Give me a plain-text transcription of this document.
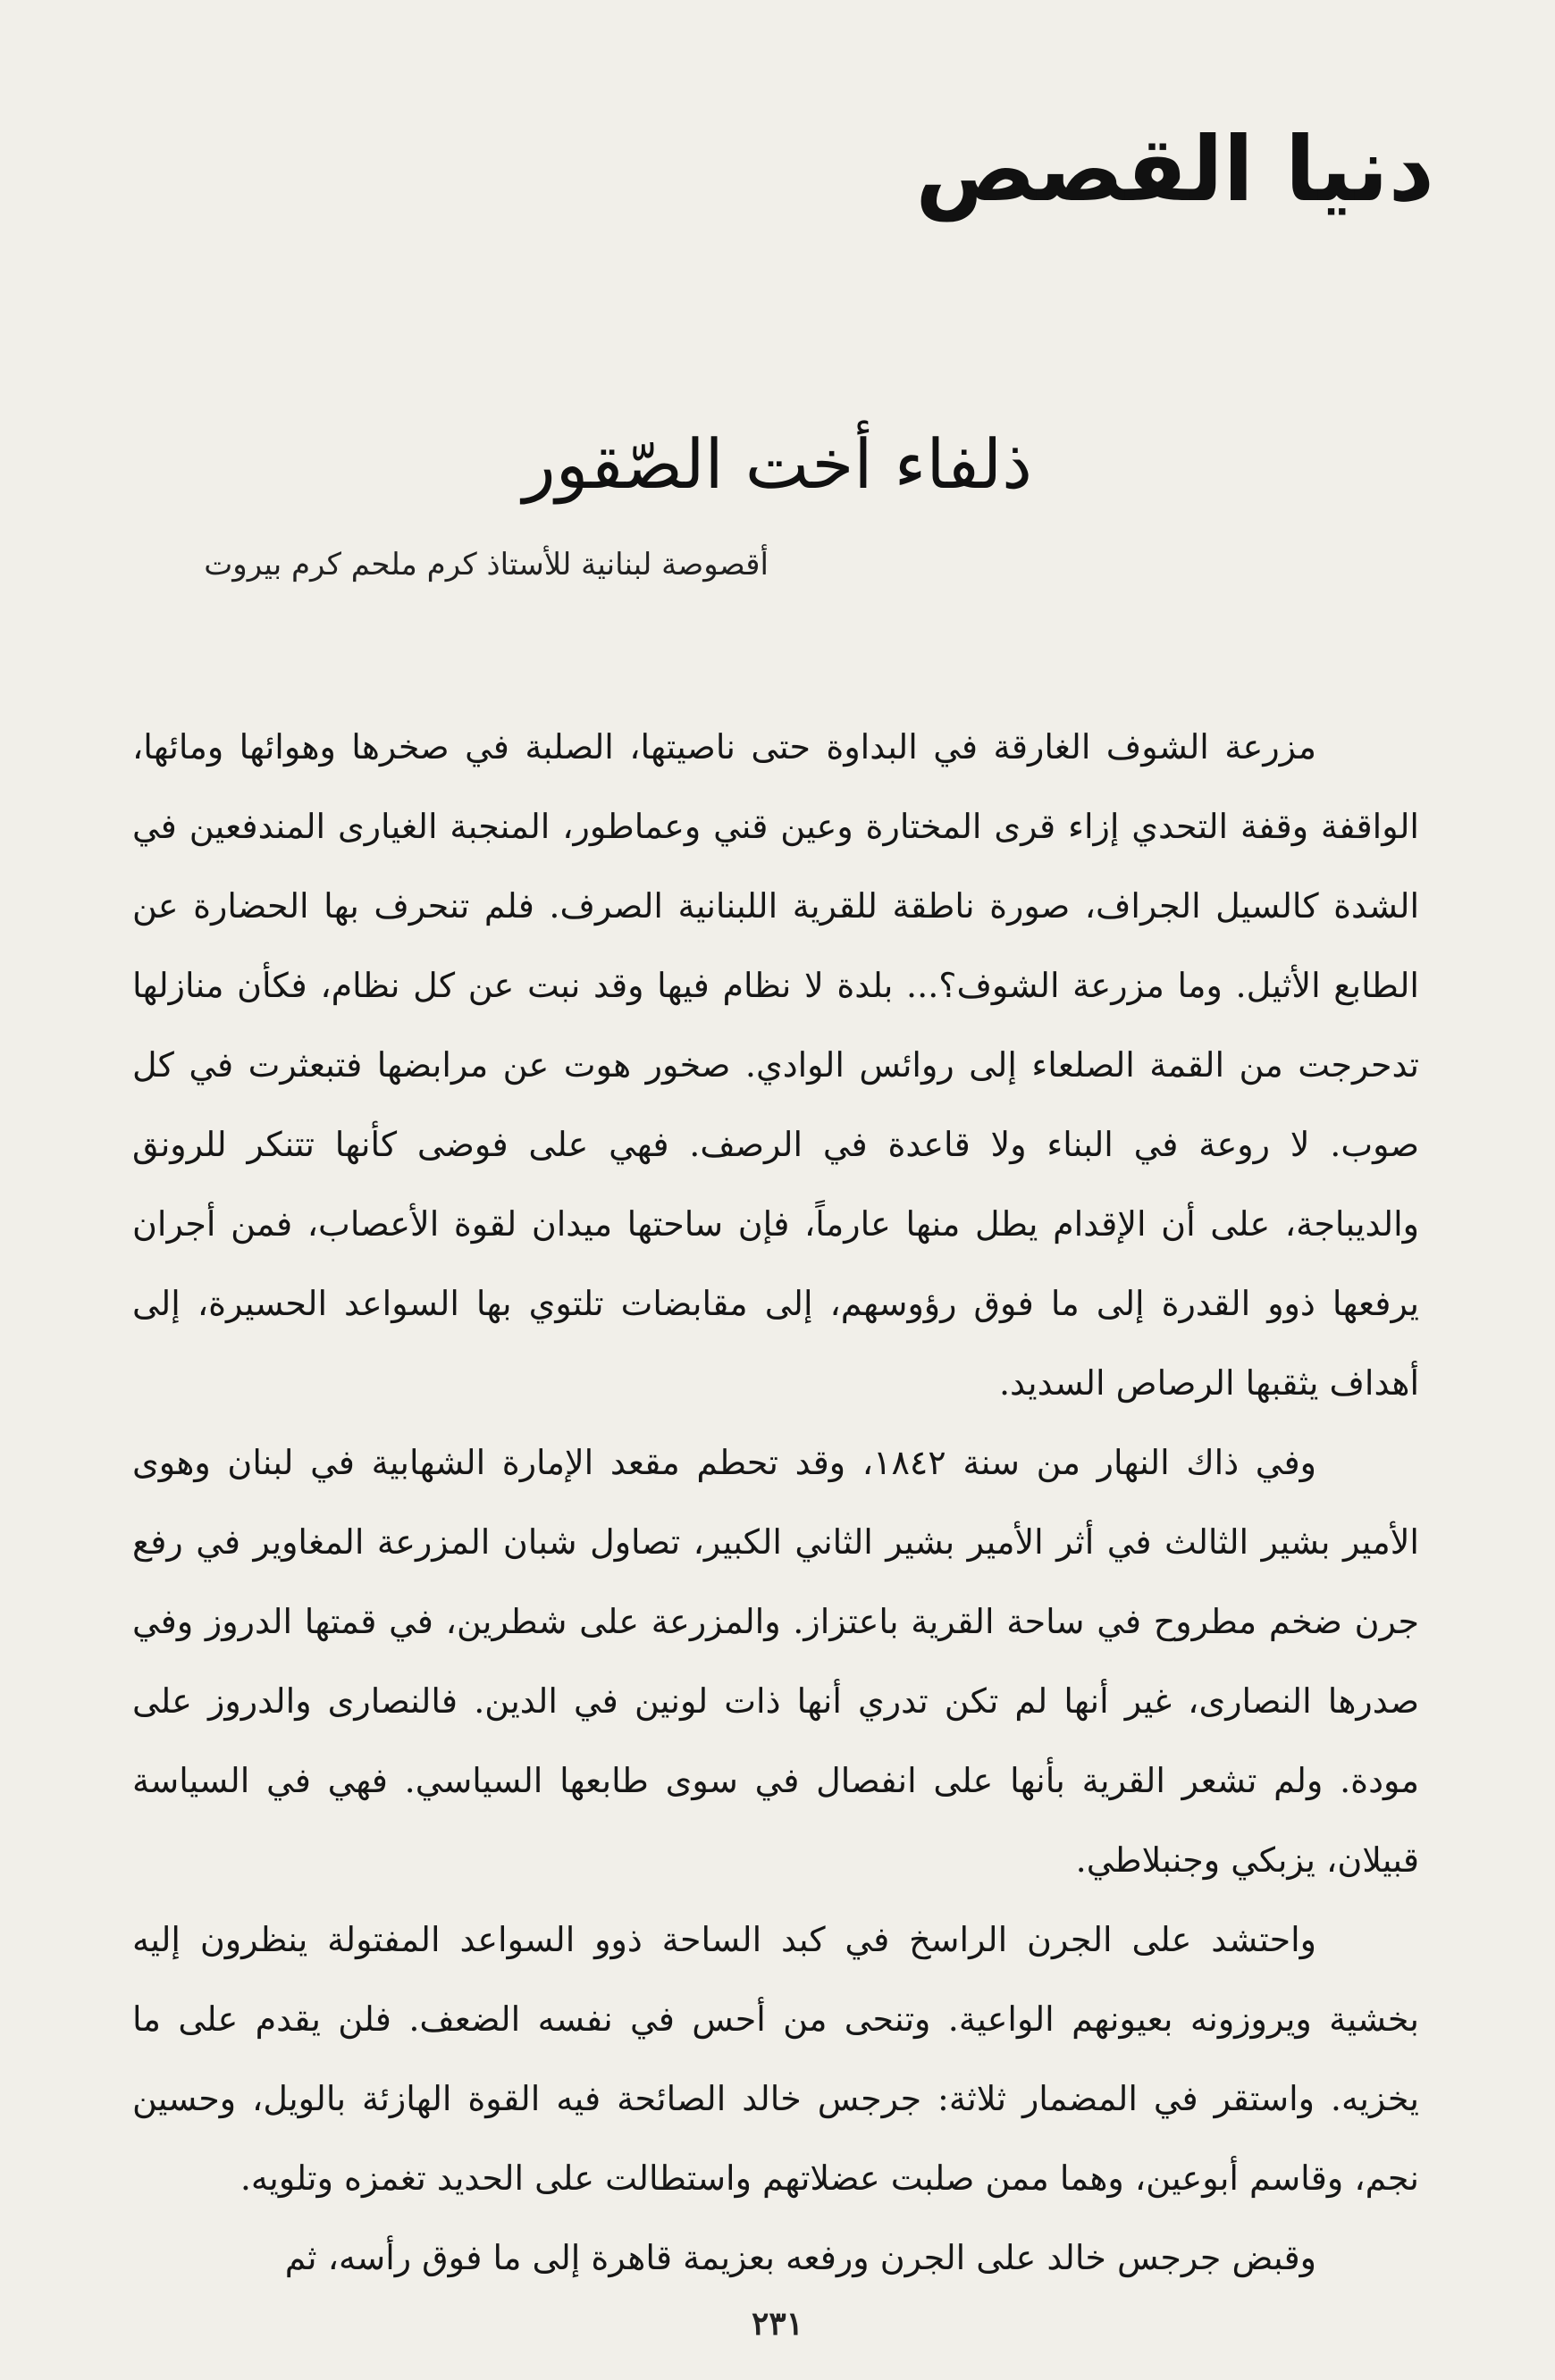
دنيا القصص
ذلفاء أخت الصّقور
أقصوصة لبنانية للأستاذ كرم ملحم كرم بيروت

مزرعة الشوف الغارقة في البداوة حتى ناصيتها، الصلبة في صخرها وهوائها ومائها، الواقفة وقفة التحدي إزاء قرى المختارة وعين قني وعماطور، المنجبة الغيارى المندفعين في الشدة كالسيل الجراف، صورة ناطقة للقرية اللبنانية الصرف. فلم تنحرف بها الحضارة عن الطابع الأثيل. وما مزرعة الشوف؟... بلدة لا نظام فيها وقد نبت عن كل نظام، فكأن منازلها تدحرجت من القمة الصلعاء إلى روائس الوادي. صخور هوت عن مرابضها فتبعثرت في كل صوب. لا روعة في البناء ولا قاعدة في الرصف. فهي على فوضى كأنها تتنكر للرونق والديباجة، على أن الإقدام يطل منها عارماً، فإن ساحتها ميدان لقوة الأعصاب، فمن أجران يرفعها ذوو القدرة إلى ما فوق رؤوسهم، إلى مقابضات تلتوي بها السواعد الحسيرة، إلى أهداف يثقبها الرصاص السديد.

وفي ذاك النهار من سنة ١٨٤٢، وقد تحطم مقعد الإمارة الشهابية في لبنان وهوى الأمير بشير الثالث في أثر الأمير بشير الثاني الكبير، تصاول شبان المزرعة المغاوير في رفع جرن ضخم مطروح في ساحة القرية باعتزاز. والمزرعة على شطرين، في قمتها الدروز وفي صدرها النصارى، غير أنها لم تكن تدري أنها ذات لونين في الدين. فالنصارى والدروز على مودة. ولم تشعر القرية بأنها على انفصال في سوى طابعها السياسي. فهي في السياسة قبيلان، يزبكي وجنبلاطي.

واحتشد على الجرن الراسخ في كبد الساحة ذوو السواعد المفتولة ينظرون إليه بخشية ويروزونه بعيونهم الواعية. وتنحى من أحس في نفسه الضعف. فلن يقدم على ما يخزيه. واستقر في المضمار ثلاثة: جرجس خالد الصائحة فيه القوة الهازئة بالويل، وحسين نجم، وقاسم أبوعين، وهما ممن صلبت عضلاتهم واستطالت على الحديد تغمزه وتلويه.

وقبض جرجس خالد على الجرن ورفعه بعزيمة قاهرة إلى ما فوق رأسه، ثم

٢٣١
